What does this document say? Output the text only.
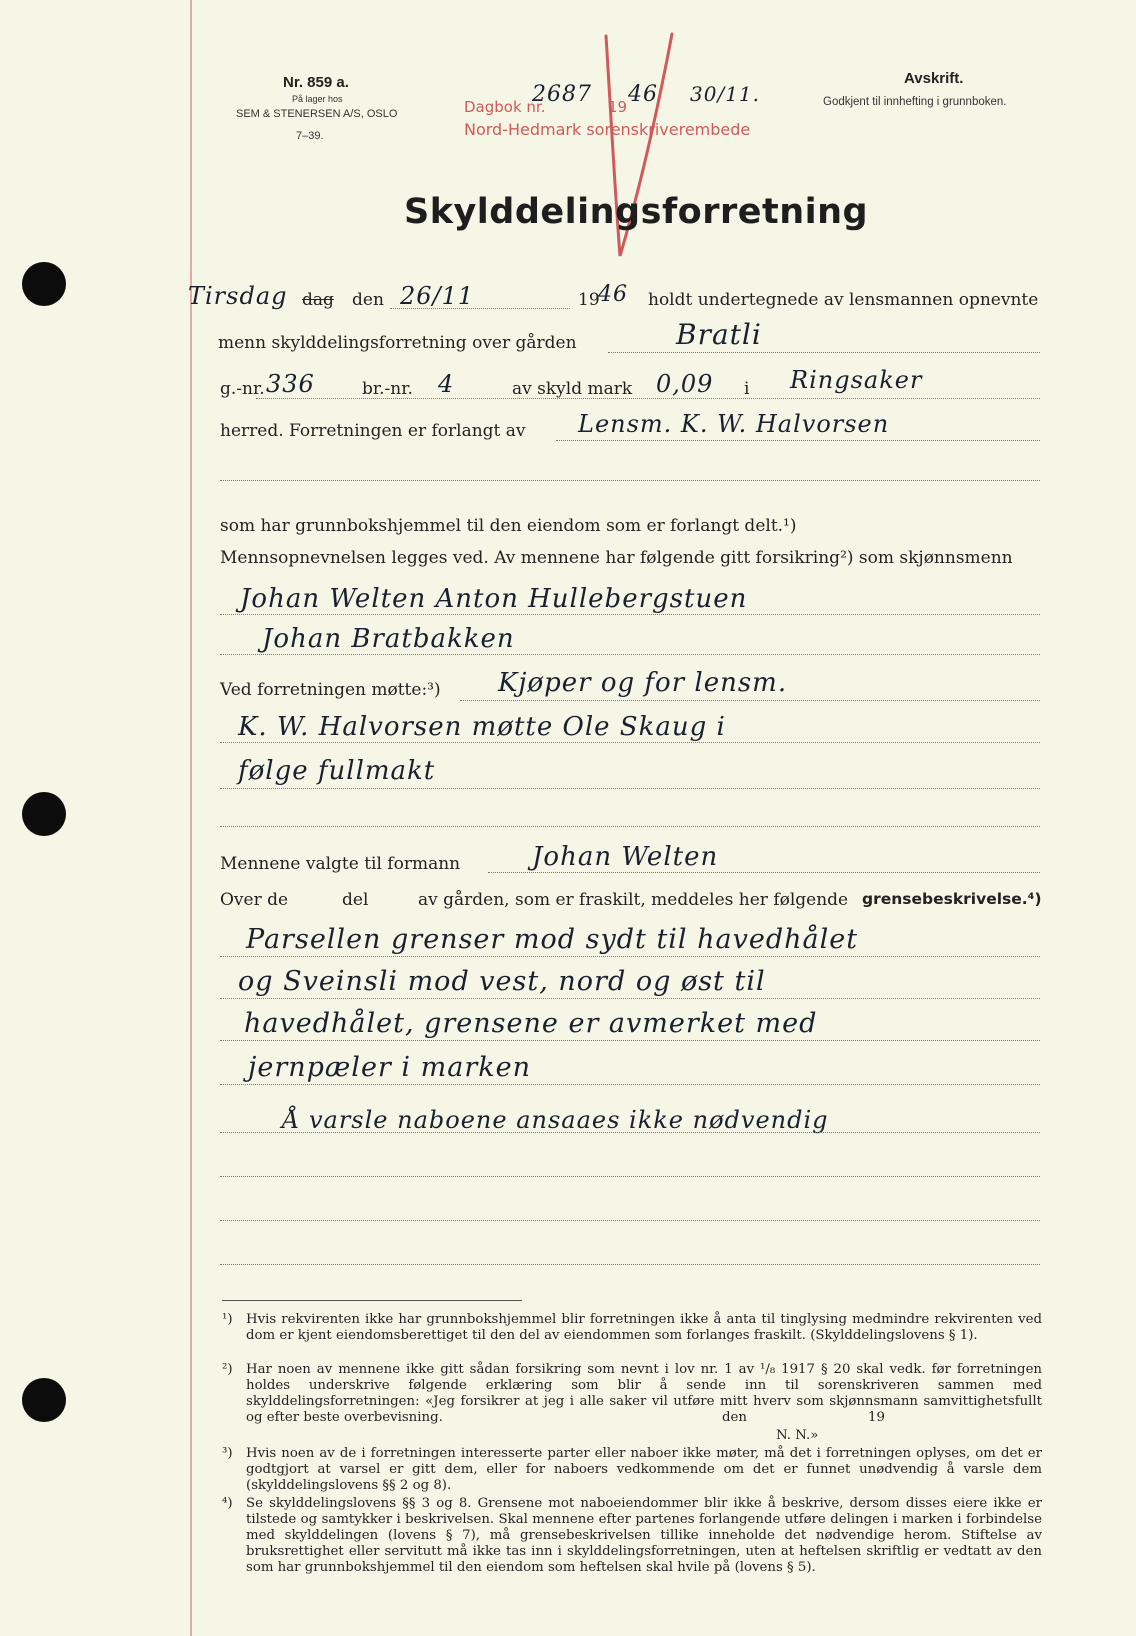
Nr. 859 a.
På lager hos
SEM & STENERSEN A/S, OSLO
7–39.
Dagbok nr.
2687 19 46 30/11.
Nord-Hedmark sorenskriverembede
Avskrift.
Godkjent til innhefting i grunnboken.
Skylddelingsforretning
Tirsdag dag den 26/11	19
46 holdt undertegnede av lensmannen opnevnte
menn skylddelingsforretning over gården	Bratli
g.-nr. 336	br.-nr. 4	av skyld mark 0,09 i Ringsaker
herred. Forretningen er forlangt av Lensm. K. W. Halvorsen
som har grunnbokshjemmel til den eiendom som er forlangt delt.¹)
Mennsopnevnelsen legges ved. Av mennene har følgende gitt forsikring²) som skjønnsmenn
Johan Welten Anton Hullebergstuen
Johan Bratbakken
Ved forretningen møtte:³) Kjøper og for lensm.
K. W. Halvorsen møtte Ole Skaug i
følge fullmakt
Mennene valgte til formann	Johan Welten
Over de	del	av gården, som er fraskilt, meddeles her følgende grensebeskrivelse.⁴)
Parsellen grenser mod sydt til havedhålet
og Sveinsli mod vest, nord og øst til
havedhålet, grensene er avmerket med
jernpæler i marken
Å varsle naboene ansaaes ikke nødvendig
¹) Hvis rekvirenten ikke har grunnbokshjemmel blir forretningen ikke å anta til tinglysing medmindre rekvirenten ved dom er kjent eiendomsberettiget til den del av eiendommen som forlanges fraskilt. (Skylddelingslovens § 1).
²) Har noen av mennene ikke gitt sådan forsikring som nevnt i lov nr. 1 av ¹/₈ 1917 § 20 skal vedk. før forretningen holdes underskrive følgende erklæring som blir å sende inn til sorenskriveren sammen med skylddelingsforretningen: «Jeg forsikrer at jeg i alle saker vil utføre mitt hverv som skjønnsmann samvittighetsfullt og efter beste overbevisning.	den	19
N. N.»
³) Hvis noen av de i forretningen interesserte parter eller naboer ikke møter, må det i forretningen oplyses, om det er godtgjort at varsel er gitt dem, eller for naboers vedkommende om det er funnet unødvendig å varsle dem (skylddelingslovens §§ 2 og 8).
⁴) Se skylddelingslovens §§ 3 og 8. Grensene mot naboeiendommer blir ikke å beskrive, dersom disses eiere ikke er tilstede og samtykker i beskrivelsen. Skal mennene efter partenes forlangende utføre delingen i marken i forbindelse med skylddelingen (lovens § 7), må grensebeskrivelsen tillike inneholde det nødvendige herom. Stiftelse av bruksrettighet eller servitutt må ikke tas inn i skylddelingsforretningen, uten at heftelsen skriftlig er vedtatt av den som har grunnbokshjemmel til den eiendom som heftelsen skal hvile på (lovens § 5).
